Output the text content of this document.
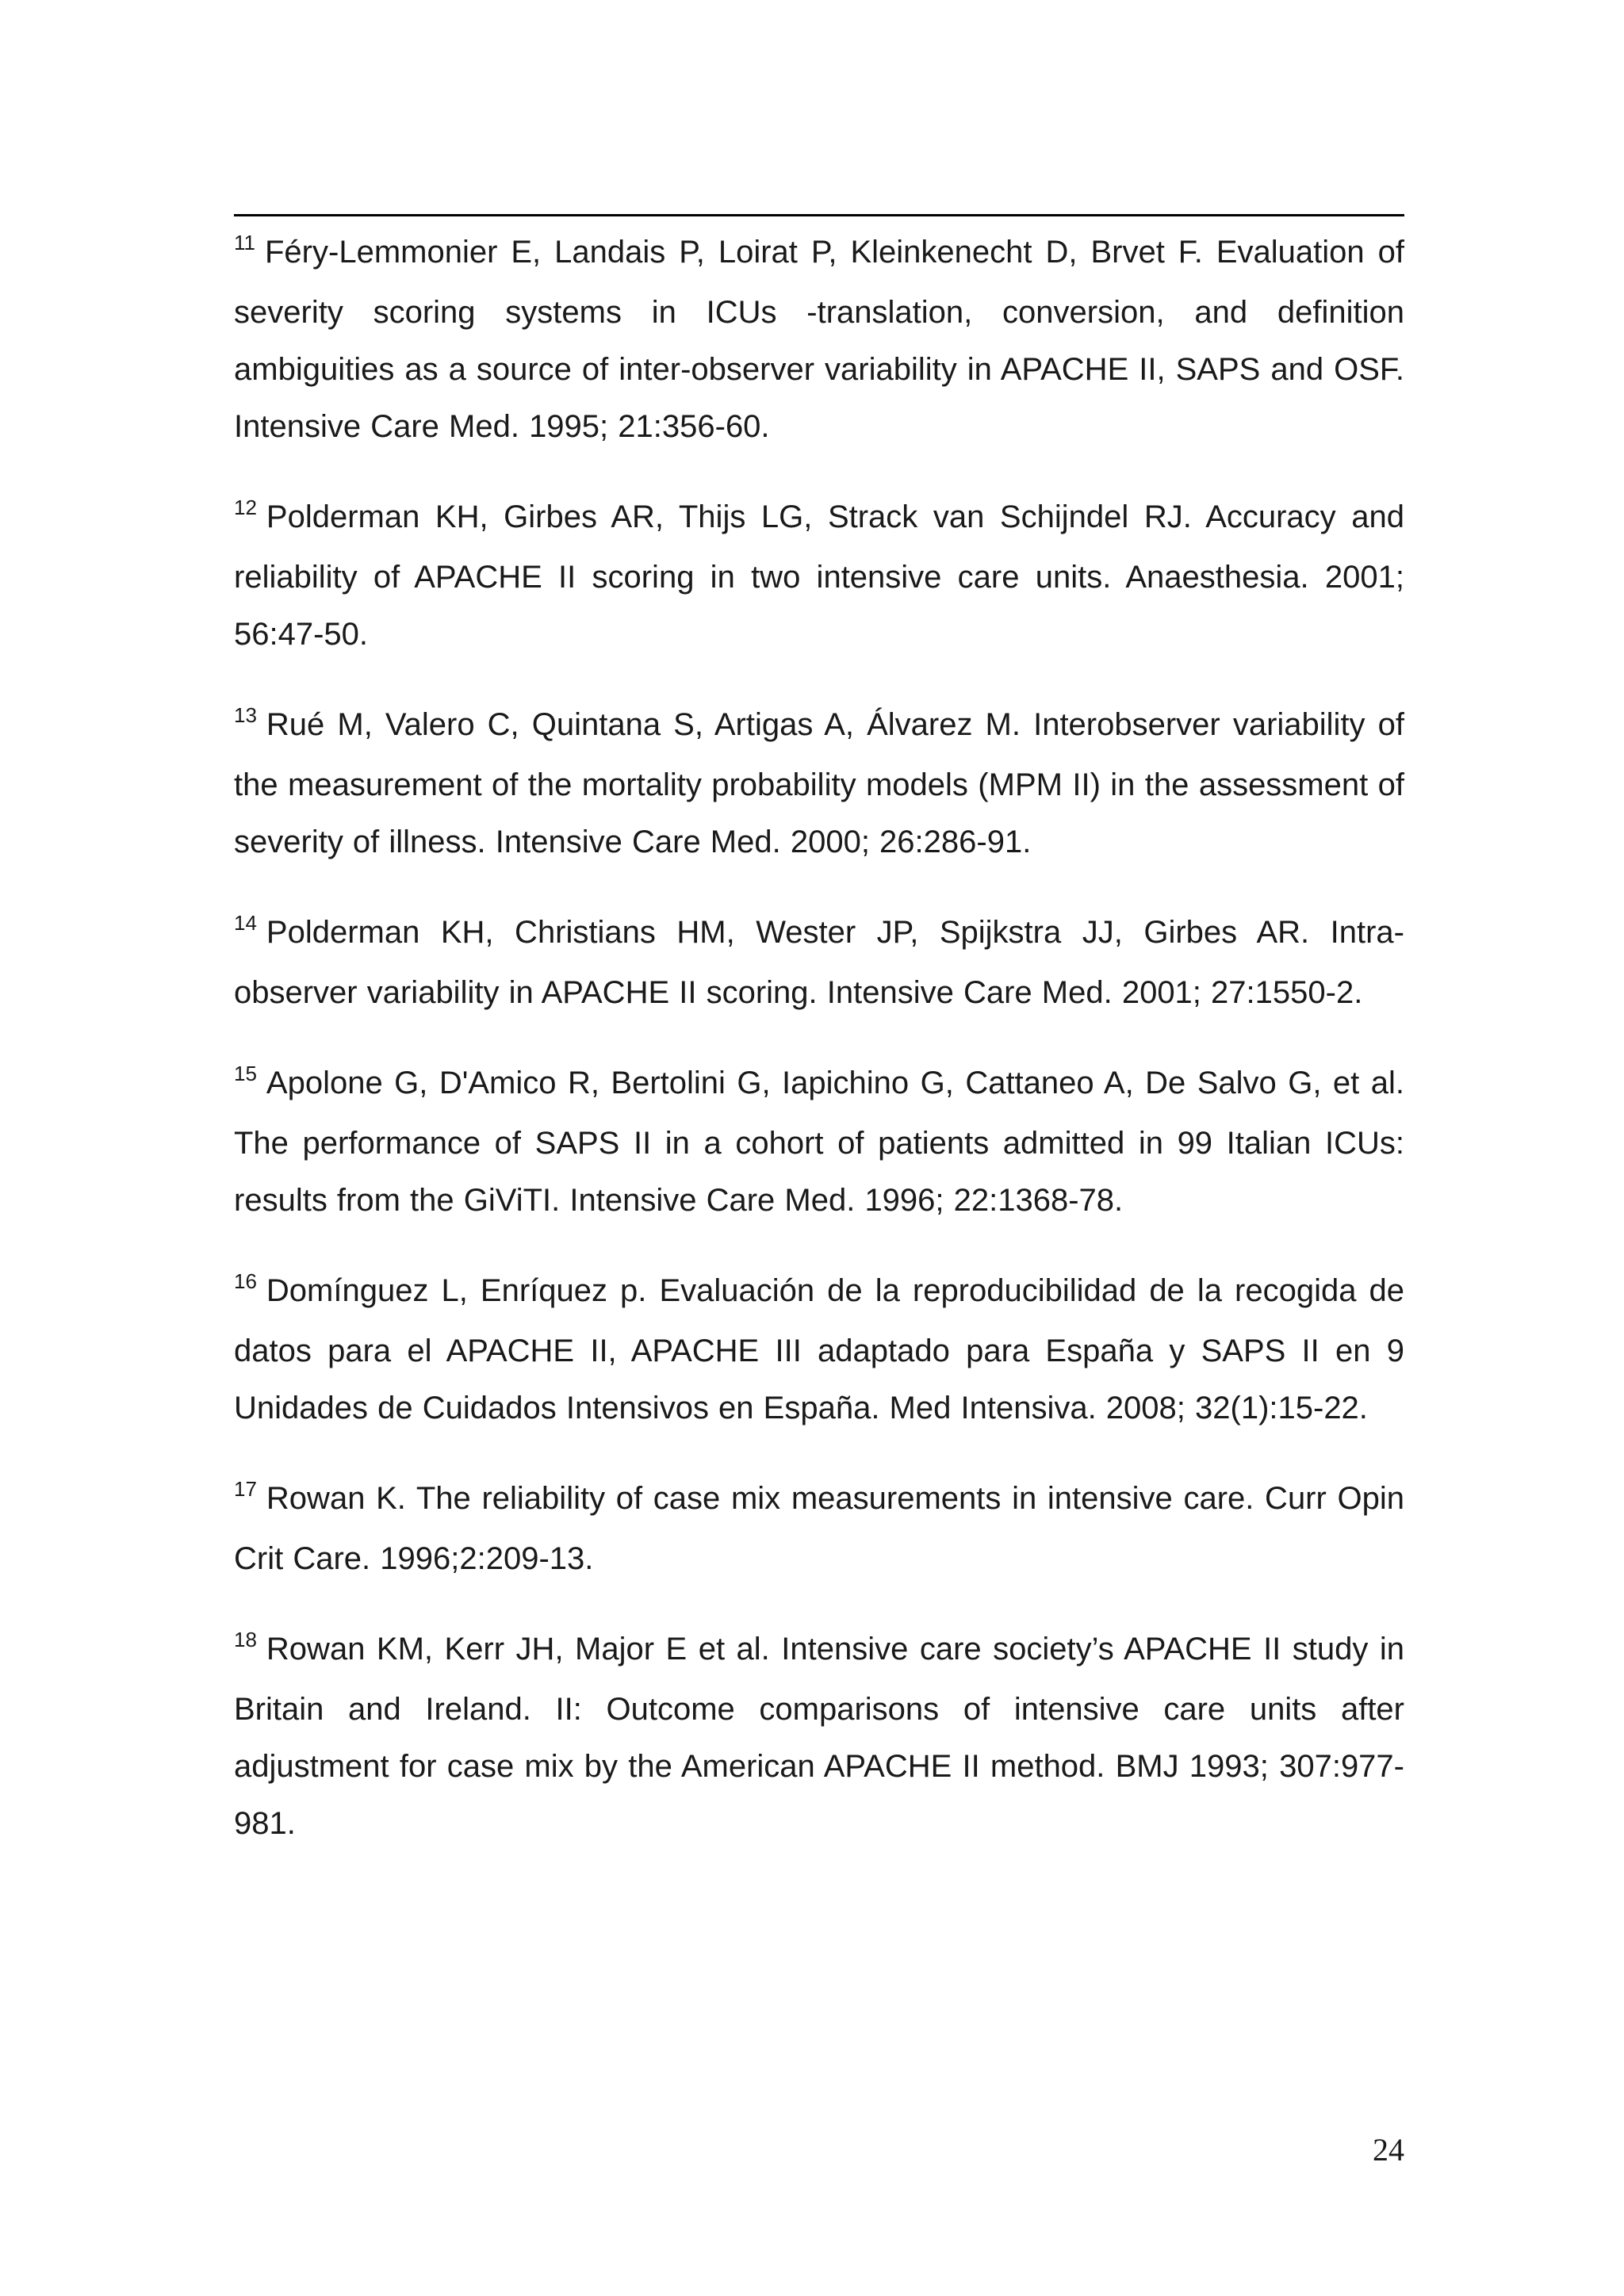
$^{11}$ Féry-Lemmonier E, Landais P, Loirat P, Kleinkenecht D, Brvet F. Evaluation of severity scoring systems in ICUs -translation, conversion, and definition ambiguities as a source of inter-observer variability in APACHE II, SAPS and OSF. Intensive Care Med. 1995; 21:356-60.

$^{12}$ Polderman KH, Girbes AR, Thijs LG, Strack van Schijndel RJ. Accuracy and reliability of APACHE II scoring in two intensive care units. Anaesthesia. 2001; 56:47-50.

$^{13}$ Rué M, Valero C, Quintana S, Artigas A, Álvarez M. Interobserver variability of the measurement of the mortality probability models (MPM II) in the assessment of severity of illness. Intensive Care Med. 2000; 26:286-91.

$^{14}$ Polderman KH, Christians HM, Wester JP, Spijkstra JJ, Girbes AR. Intra-observer variability in APACHE II scoring. Intensive Care Med. 2001; 27:1550-2.

$^{15}$ Apolone G, D'Amico R, Bertolini G, Iapichino G, Cattaneo A, De Salvo G, et al. The performance of SAPS II in a cohort of patients admitted in 99 Italian ICUs: results from the GiViTI. Intensive Care Med. 1996; 22:1368-78.

$^{16}$ Domínguez L, Enríquez p. Evaluación de la reproducibilidad de la recogida de datos para el APACHE II, APACHE III adaptado para España y SAPS II en 9 Unidades de Cuidados Intensivos en España. Med Intensiva. 2008; 32(1):15-22.

$^{17}$ Rowan K. The reliability of case mix measurements in intensive care. Curr Opin Crit Care. 1996;2:209-13.

$^{18}$ Rowan KM, Kerr JH, Major E et al. Intensive care society’s APACHE II study in Britain and Ireland. II: Outcome comparisons of intensive care units after adjustment for case mix by the American APACHE II method. BMJ 1993; 307:977-981.

24
